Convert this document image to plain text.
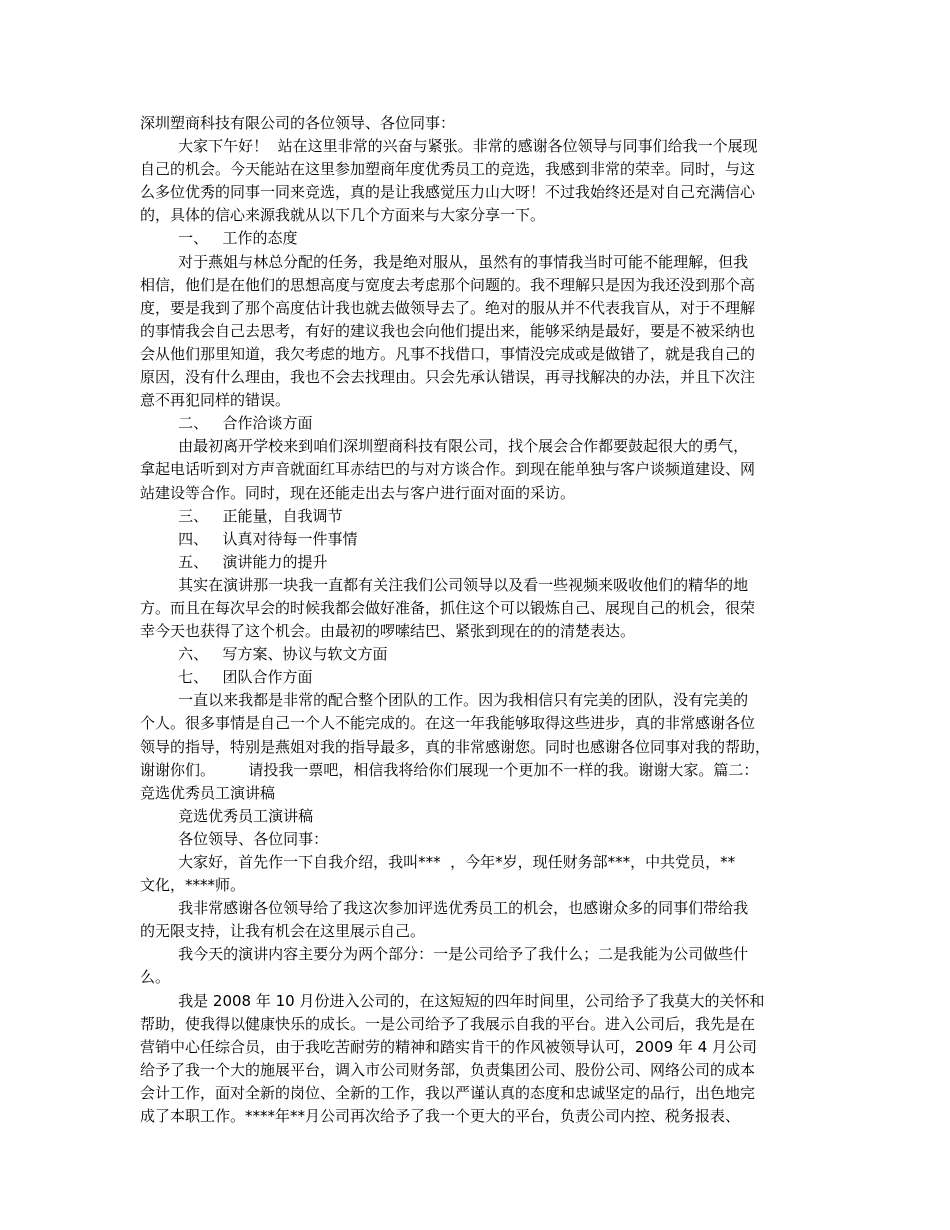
深圳塑商科技有限公司的各位领导、各位同事：
大家下午好！  站在这里非常的兴奋与紧张。非常的感谢各位领导与同事们给我一个展现
自己的机会。今天能站在这里参加塑商年度优秀员工的竞选，我感到非常的荣幸。同时，与这
么多位优秀的同事一同来竞选，真的是让我感觉压力山大呀！不过我始终还是对自己充满信心
的，具体的信心来源我就从以下几个方面来与大家分享一下。
一、   工作的态度
对于燕姐与林总分配的任务，我是绝对服从，虽然有的事情我当时可能不能理解，但我
相信，他们是在他们的思想高度与宽度去考虑那个问题的。我不理解只是因为我还没到那个高
度，要是我到了那个高度估计我也就去做领导去了。绝对的服从并不代表我盲从，对于不理解
的事情我会自己去思考，有好的建议我也会向他们提出来，能够采纳是最好，要是不被采纳也
会从他们那里知道，我欠考虑的地方。凡事不找借口，事情没完成或是做错了，就是我自己的
原因，没有什么理由，我也不会去找理由。只会先承认错误，再寻找解决的办法，并且下次注
意不再犯同样的错误。
二、   合作洽谈方面
由最初离开学校来到咱们深圳塑商科技有限公司，找个展会合作都要鼓起很大的勇气，
拿起电话听到对方声音就面红耳赤结巴的与对方谈合作。到现在能单独与客户谈频道建设、网
站建设等合作。同时，现在还能走出去与客户进行面对面的采访。
三、   正能量，自我调节
四、   认真对待每一件事情
五、   演讲能力的提升
其实在演讲那一块我一直都有关注我们公司领导以及看一些视频来吸收他们的精华的地
方。而且在每次早会的时候我都会做好准备，抓住这个可以锻炼自己、展现自己的机会，很荣
幸今天也获得了这个机会。由最初的啰嗦结巴、紧张到现在的的清楚表达。
六、   写方案、协议与软文方面
七、   团队合作方面
一直以来我都是非常的配合整个团队的工作。因为我相信只有完美的团队，没有完美的
个人。很多事情是自己一个人不能完成的。在这一年我能够取得这些进步，真的非常感谢各位
领导的指导，特别是燕姐对我的指导最多，真的非常感谢您。同时也感谢各位同事对我的帮助，
谢谢你们。       请投我一票吧，相信我将给你们展现一个更加不一样的我。谢谢大家。篇二：
竞选优秀员工演讲稿
竞选优秀员工演讲稿
各位领导、各位同事：
大家好，首先作一下自我介绍，我叫***  ，今年*岁，现任财务部***，中共党员，**
文化，****师。
我非常感谢各位领导给了我这次参加评选优秀员工的机会，也感谢众多的同事们带给我
的无限支持，让我有机会在这里展示自己。
我今天的演讲内容主要分为两个部分：一是公司给予了我什么；二是我能为公司做些什
么。
我是 2008 年 10 月份进入公司的，在这短短的四年时间里，公司给予了我莫大的关怀和
帮助，使我得以健康快乐的成长。一是公司给予了我展示自我的平台。进入公司后，我先是在
营销中心任综合员，由于我吃苦耐劳的精神和踏实肯干的作风被领导认可，2009 年 4 月公司
给予了我一个大的施展平台，调入市公司财务部，负责集团公司、股份公司、网络公司的成本
会计工作，面对全新的岗位、全新的工作，我以严谨认真的态度和忠诚坚定的品行，出色地完
成了本职工作。****年**月公司再次给予了我一个更大的平台，负责公司内控、税务报表、
